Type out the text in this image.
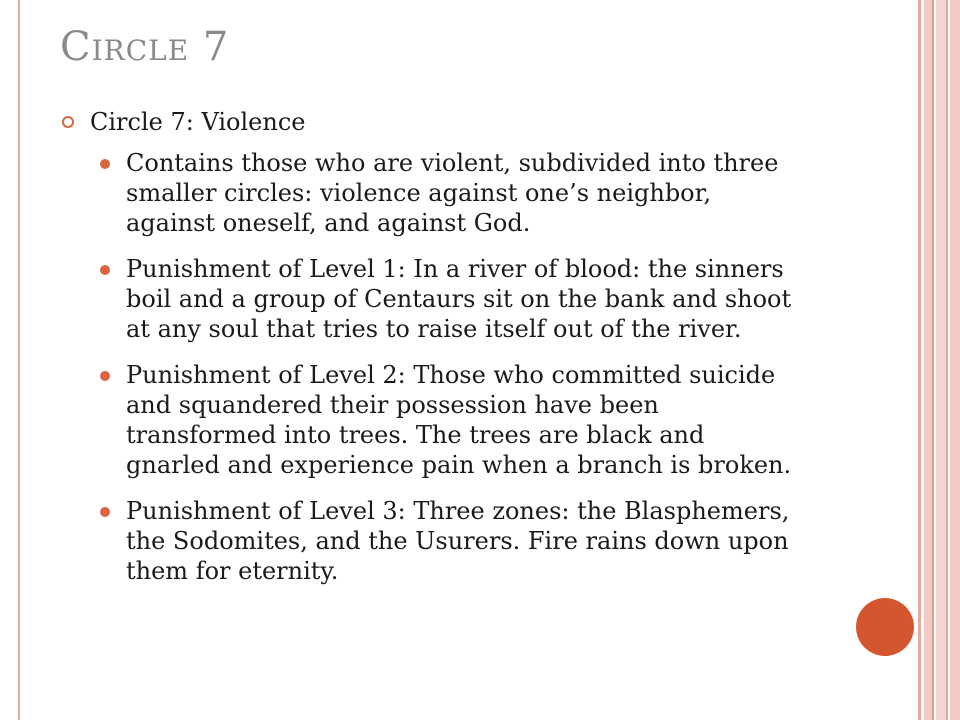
Circle 7
Circle 7: Violence
Contains those who are violent, subdivided into three
smaller circles: violence against one’s neighbor,
against oneself, and against God.
Punishment of Level 1: In a river of blood: the sinners
boil and a group of Centaurs sit on the bank and shoot
at any soul that tries to raise itself out of the river.
Punishment of Level 2: Those who committed suicide
and squandered their possession have been
transformed into trees. The trees are black and
gnarled and experience pain when a branch is broken.
Punishment of Level 3: Three zones: the Blasphemers,
the Sodomites, and the Usurers. Fire rains down upon
them for eternity.
